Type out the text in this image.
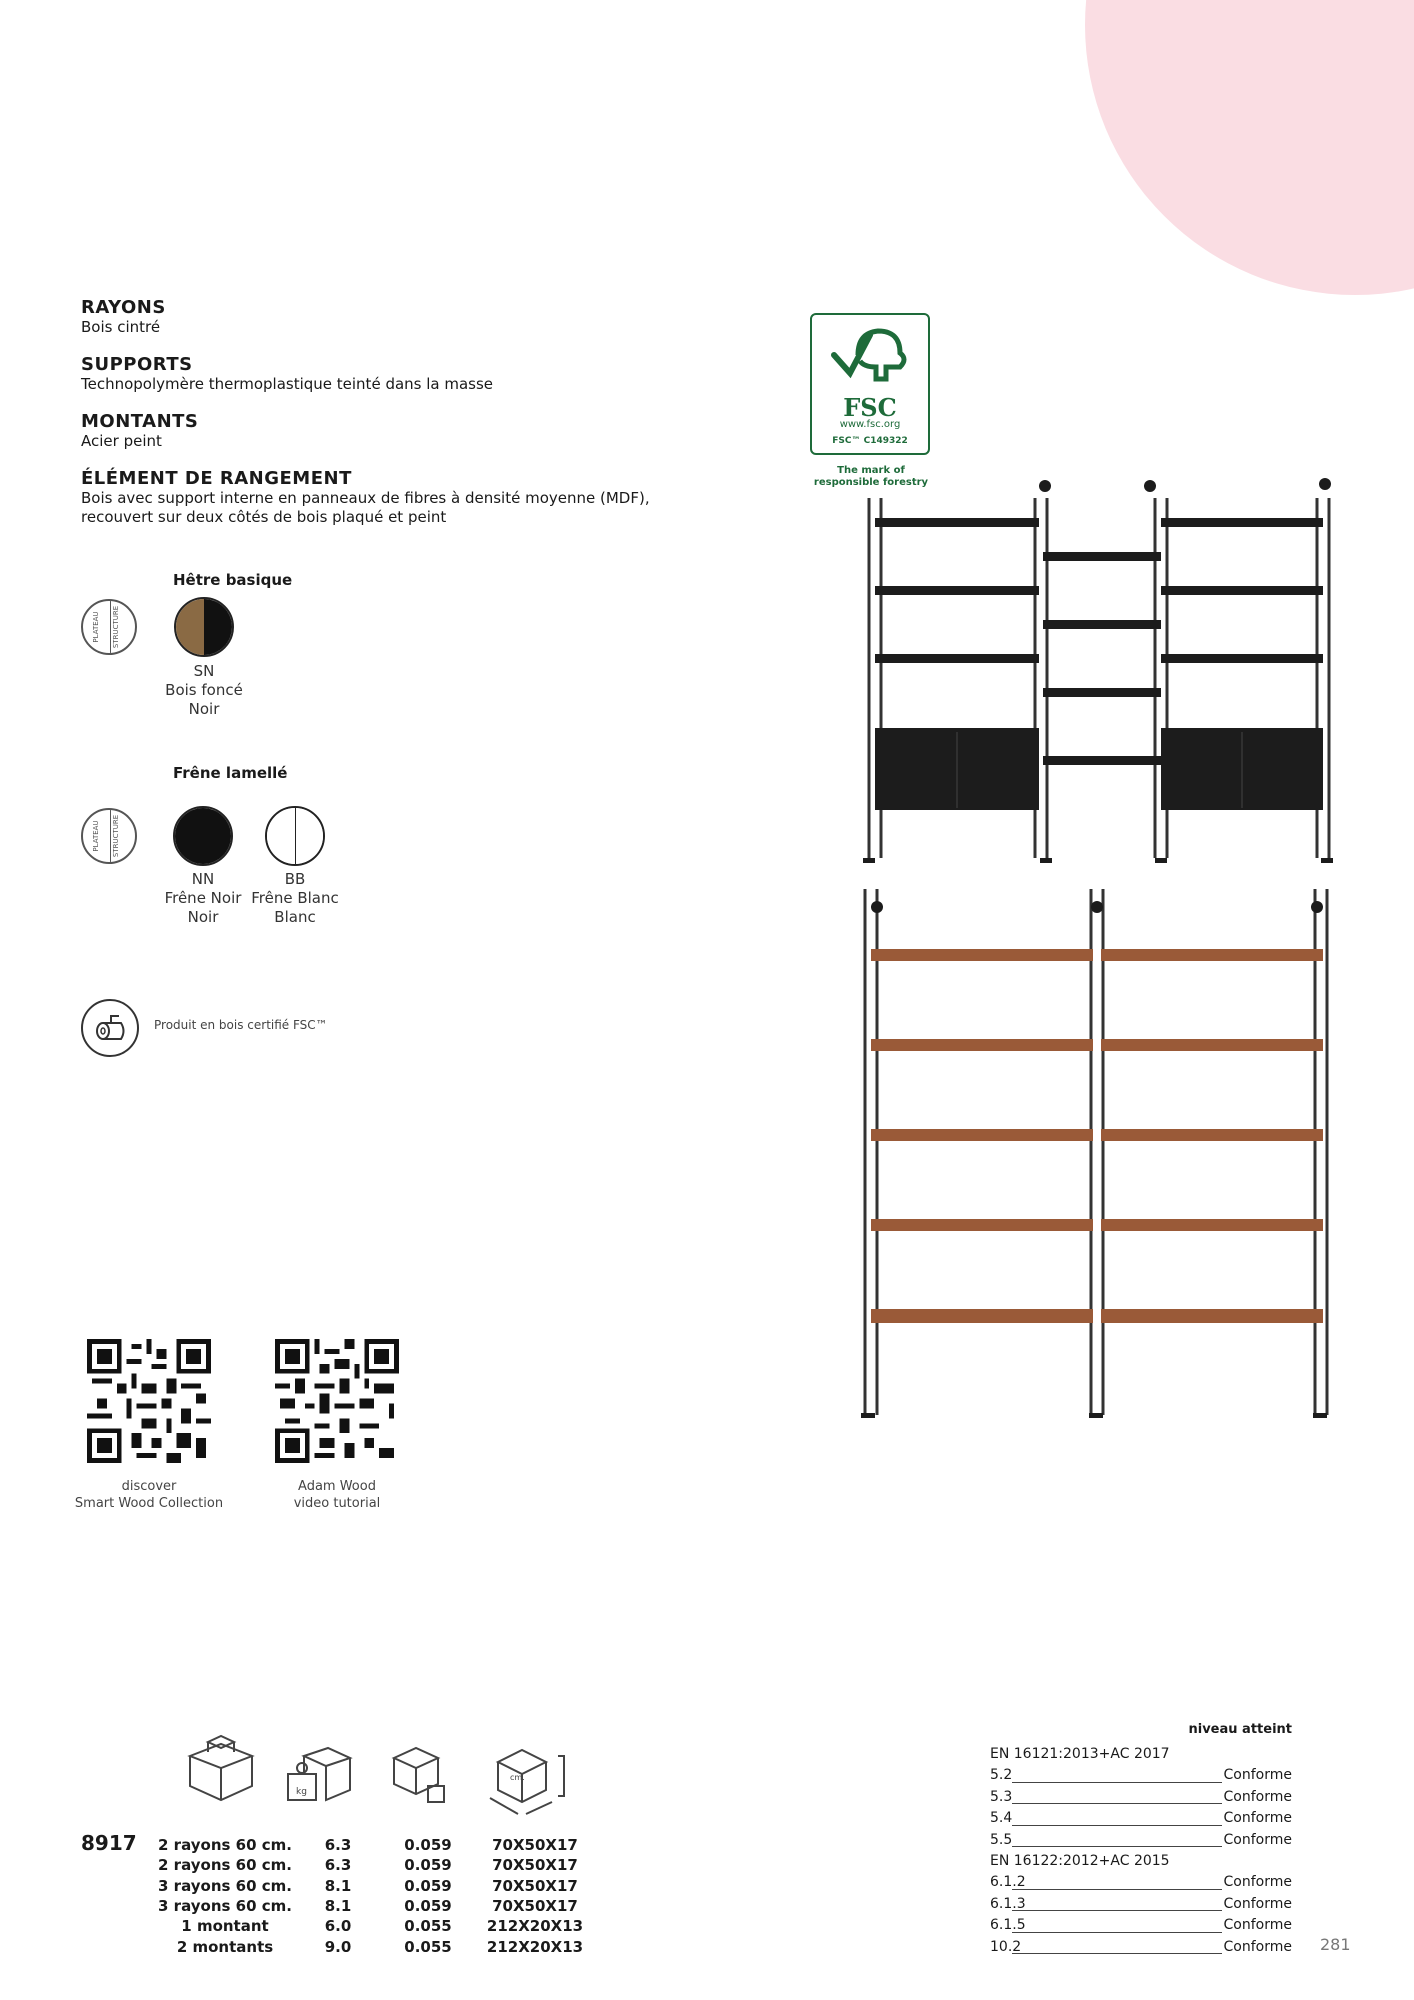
RAYONS

Bois cintré

SUPPORTS

Technopolymère thermoplastique teinté dans la masse

MONTANTS

Acier peint

ÉLÉMENT DE RANGEMENT

Bois avec support interne en panneaux de fibres à densité moyenne (MDF), recouvert sur deux côtés de bois plaqué et peint

Hêtre basique
PLATEAU STRUCTURE
SN
Bois foncé
Noir
Frêne lamellé
PLATEAU STRUCTURE
NN
Frêne Noir
Noir
BB
Frêne Blanc
Blanc
Produit en bois certifié FSC™
discover
Smart Wood Collection
Adam Wood
video tutorial
FSC
www.fsc.org
FSC™ C149322
The mark of
responsible forestry
kg
cm.
8917 2 rayons 60 cm.	6.3	0.059	70X50X17
2 rayons 60 cm.	6.3	0.059	70X50X17
3 rayons 60 cm.	8.1	0.059	70X50X17
3 rayons 60 cm.	8.1	0.059	70X50X17
1 montant	6.0	0.055	212X20X13
2 montants	9.0	0.055	212X20X13
niveau atteint
EN 16121:2013+AC 2017
5.2	Conforme
5.3	Conforme
5.4	Conforme
5.5	Conforme
EN 16122:2012+AC 2015
6.1.2	Conforme
6.1.3	Conforme
6.1.5	Conforme
10.2	Conforme 281
